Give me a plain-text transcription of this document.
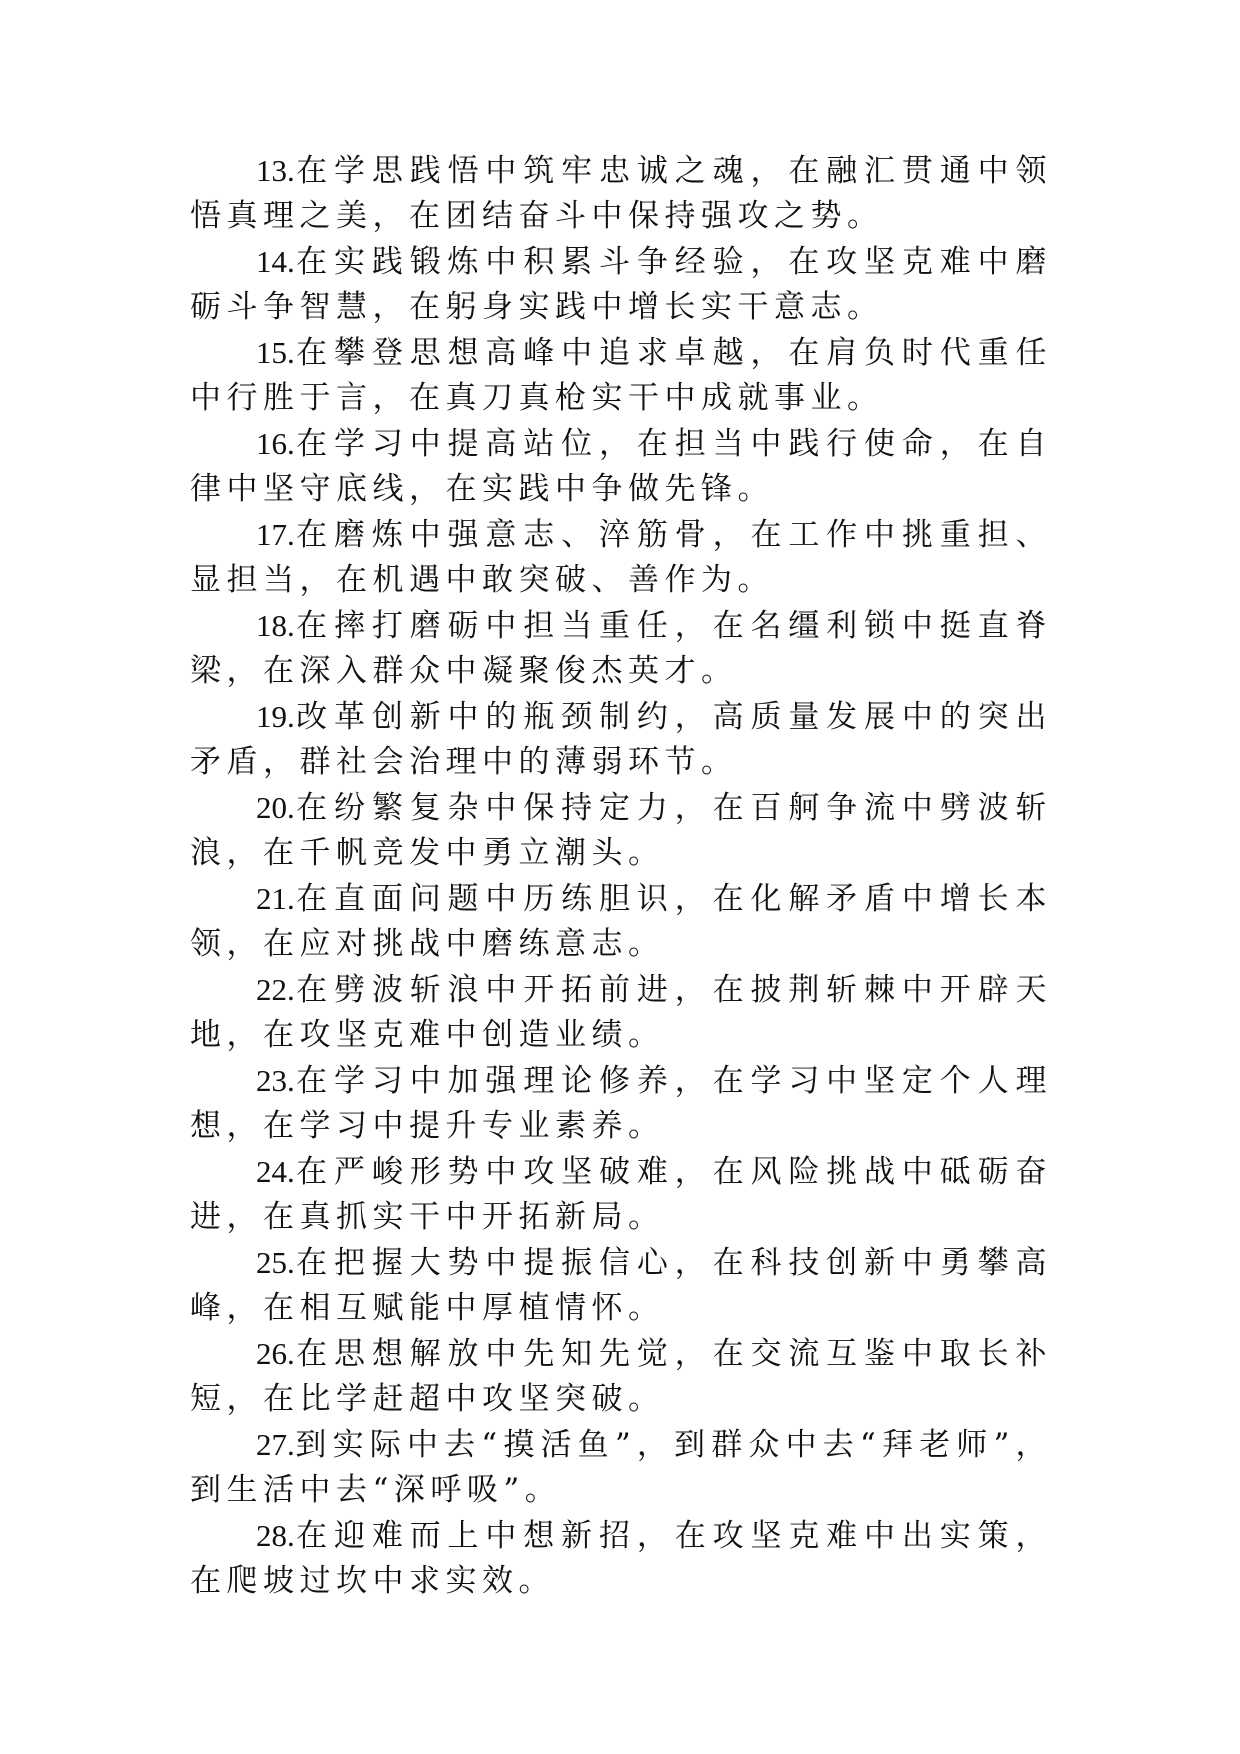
13.在学思践悟中筑牢忠诚之魂，在融汇贯通中领悟真理之美，在团结奋斗中保持强攻之势。

14.在实践锻炼中积累斗争经验，在攻坚克难中磨砺斗争智慧，在躬身实践中增长实干意志。

15.在攀登思想高峰中追求卓越，在肩负时代重任中行胜于言，在真刀真枪实干中成就事业。

16.在学习中提高站位，在担当中践行使命，在自律中坚守底线，在实践中争做先锋。

17.在磨炼中强意志、淬筋骨，在工作中挑重担、显担当，在机遇中敢突破、善作为。

18.在摔打磨砺中担当重任，在名缰利锁中挺直脊梁，在深入群众中凝聚俊杰英才。

19.改革创新中的瓶颈制约，高质量发展中的突出矛盾，群社会治理中的薄弱环节。

20.在纷繁复杂中保持定力，在百舸争流中劈波斩浪，在千帆竞发中勇立潮头。

21.在直面问题中历练胆识，在化解矛盾中增长本领，在应对挑战中磨练意志。

22.在劈波斩浪中开拓前进，在披荆斩棘中开辟天地，在攻坚克难中创造业绩。

23.在学习中加强理论修养，在学习中坚定个人理想，在学习中提升专业素养。

24.在严峻形势中攻坚破难，在风险挑战中砥砺奋进，在真抓实干中开拓新局。

25.在把握大势中提振信心，在科技创新中勇攀高峰，在相互赋能中厚植情怀。

26.在思想解放中先知先觉，在交流互鉴中取长补短，在比学赶超中攻坚突破。

27.到实际中去“摸活鱼”，到群众中去“拜老师”，到生活中去“深呼吸”。

28.在迎难而上中想新招，在攻坚克难中出实策，在爬坡过坎中求实效。
